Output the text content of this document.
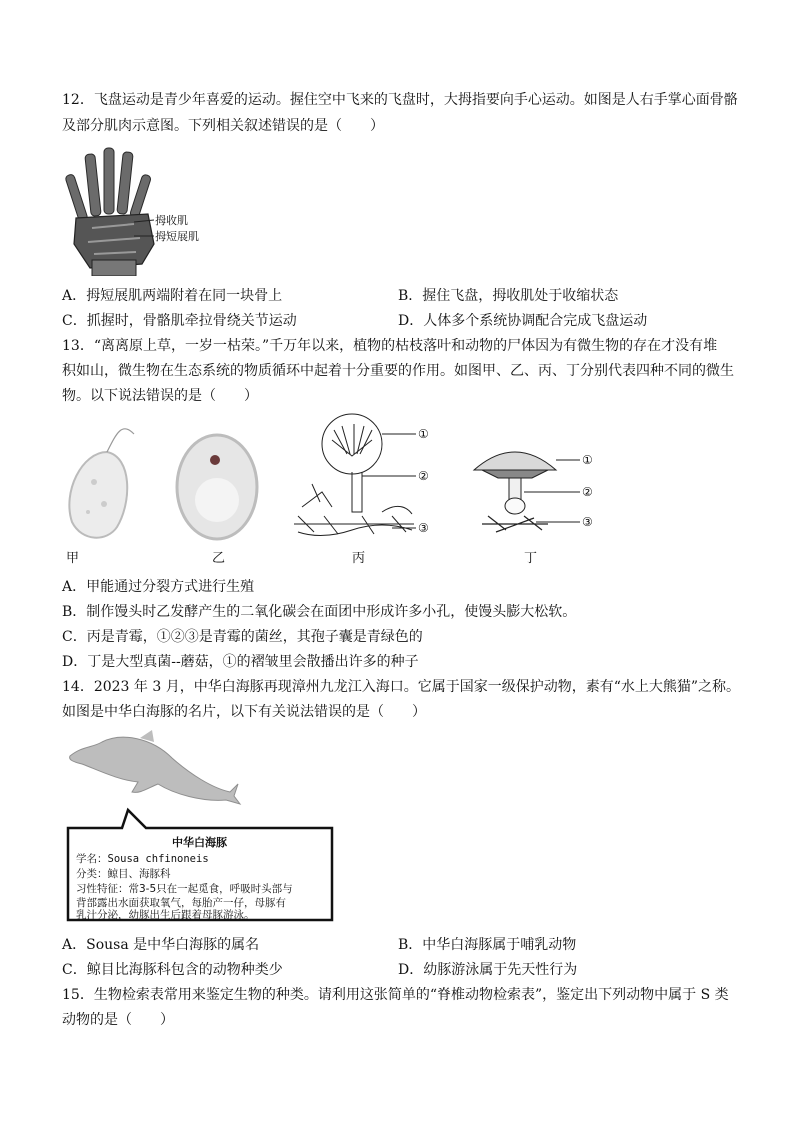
12．飞盘运动是青少年喜爱的运动。握住空中飞来的飞盘时，大拇指要向手心运动。如图是人右手掌心面骨骼
及部分肌肉示意图。下列相关叙述错误的是（　　）
拇收肌
拇短展肌
A．拇短展肌两端附着在同一块骨上	B．握住飞盘，拇收肌处于收缩状态
C．抓握时，骨骼肌牵拉骨绕关节运动	D．人体多个系统协调配合完成飞盘运动
13．“离离原上草，一岁一枯荣。”千万年以来，植物的枯枝落叶和动物的尸体因为有微生物的存在才没有堆
积如山，微生物在生态系统的物质循环中起着十分重要的作用。如图甲、乙、丙、丁分别代表四种不同的微生
物。以下说法错误的是（　　）
甲	乙
①
②
③
丙
①
②
③
丁
A．甲能通过分裂方式进行生殖
B．制作馒头时乙发酵产生的二氧化碳会在面团中形成许多小孔，使馒头膨大松软。
C．丙是青霉，①②③是青霉的菌丝，其孢子囊是青绿色的
D．丁是大型真菌--蘑菇，①的褶皱里会散播出许多的种子
14．2023 年 3 月，中华白海豚再现漳州九龙江入海口。它属于国家一级保护动物，素有“水上大熊猫”之称。
如图是中华白海豚的名片，以下有关说法错误的是（　　）
中华白海豚
学名：Sousa chfinoneis
分类：鲸目、海豚科
习性特征：常3-5只在一起觅食，呼吸时头部与
背部露出水面获取氧气，每胎产一仔，母豚有
乳汁分泌，幼豚出生后跟着母豚游泳。
A．Sousa 是中华白海豚的属名	B．中华白海豚属于哺乳动物
C．鲸目比海豚科包含的动物种类少	D．幼豚游泳属于先天性行为
15．生物检索表常用来鉴定生物的种类。请利用这张简单的“脊椎动物检索表”，鉴定出下列动物中属于 S 类
动物的是（　　）
